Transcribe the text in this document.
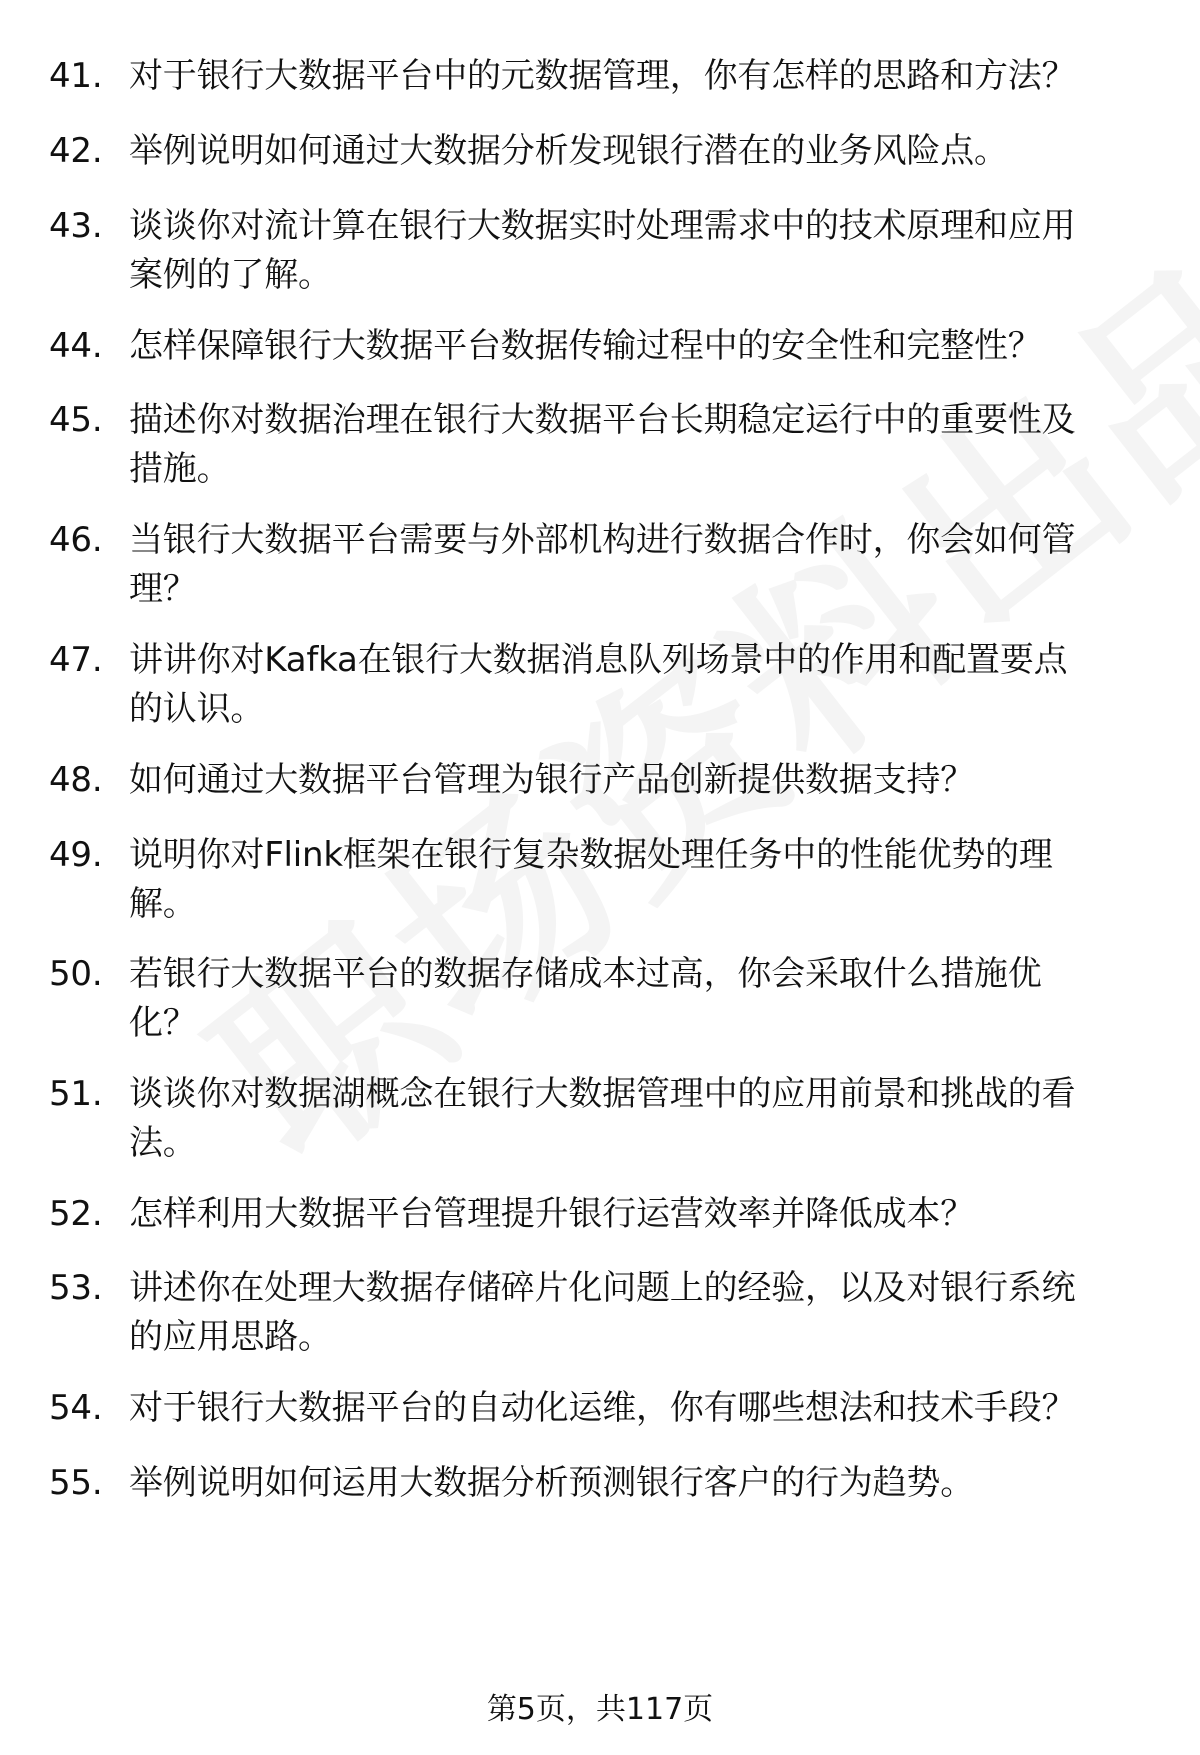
41. 对于银行大数据平台中的元数据管理，你有怎样的思路和方法？
42. 举例说明如何通过大数据分析发现银行潜在的业务风险点。
43. 谈谈你对流计算在银行大数据实时处理需求中的技术原理和应用
案例的了解。
44. 怎样保障银行大数据平台数据传输过程中的安全性和完整性？
45. 描述你对数据治理在银行大数据平台长期稳定运行中的重要性及
措施。
46. 当银行大数据平台需要与外部机构进行数据合作时，你会如何管
理？
47. 讲讲你对Kafka在银行大数据消息队列场景中的作用和配置要点
的认识。
48. 如何通过大数据平台管理为银行产品创新提供数据支持？
49. 说明你对Flink框架在银行复杂数据处理任务中的性能优势的理
解。
50. 若银行大数据平台的数据存储成本过高，你会采取什么措施优
化？
51. 谈谈你对数据湖概念在银行大数据管理中的应用前景和挑战的看
法。
52. 怎样利用大数据平台管理提升银行运营效率并降低成本？
53. 讲述你在处理大数据存储碎片化问题上的经验，以及对银行系统
的应用思路。
54. 对于银行大数据平台的自动化运维，你有哪些想法和技术手段？
55. 举例说明如何运用大数据分析预测银行客户的行为趋势。
第5页，共117页
